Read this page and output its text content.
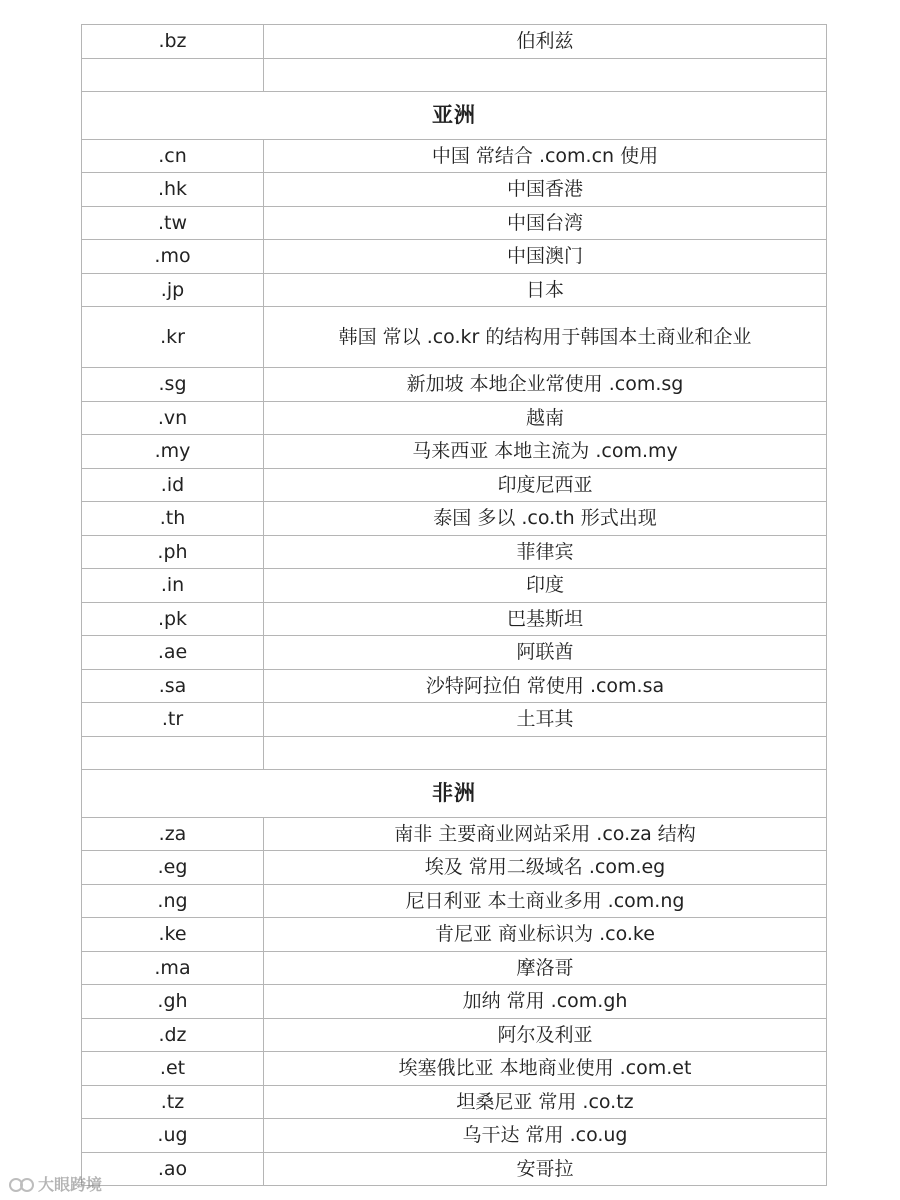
.bz	伯利兹

亚洲	
.cn	中国 常结合 .com.cn 使用
.hk	中国香港
.tw	中国台湾
.mo	中国澳门
.jp	日本
.kr	韩国 常以 .co.kr 的结构用于韩国本土商业和企业
.sg	新加坡 本地企业常使用 .com.sg
.vn	越南
.my	马来西亚 本地主流为 .com.my
.id	印度尼西亚
.th	泰国 多以 .co.th 形式出现
.ph	菲律宾
.in	印度
.pk	巴基斯坦
.ae	阿联酋
.sa	沙特阿拉伯 常使用 .com.sa
.tr	土耳其

非洲	
.za	南非 主要商业网站采用 .co.za 结构
.eg	埃及 常用二级域名 .com.eg
.ng	尼日利亚 本土商业多用 .com.ng
.ke	肯尼亚 商业标识为 .co.ke
.ma	摩洛哥
.gh	加纳 常用 .com.gh
.dz	阿尔及利亚
.et	埃塞俄比亚 本地商业使用 .com.et
.tz	坦桑尼亚 常用 .co.tz
.ug	乌干达 常用 .co.ug
.ao	安哥拉
大眼跨境
